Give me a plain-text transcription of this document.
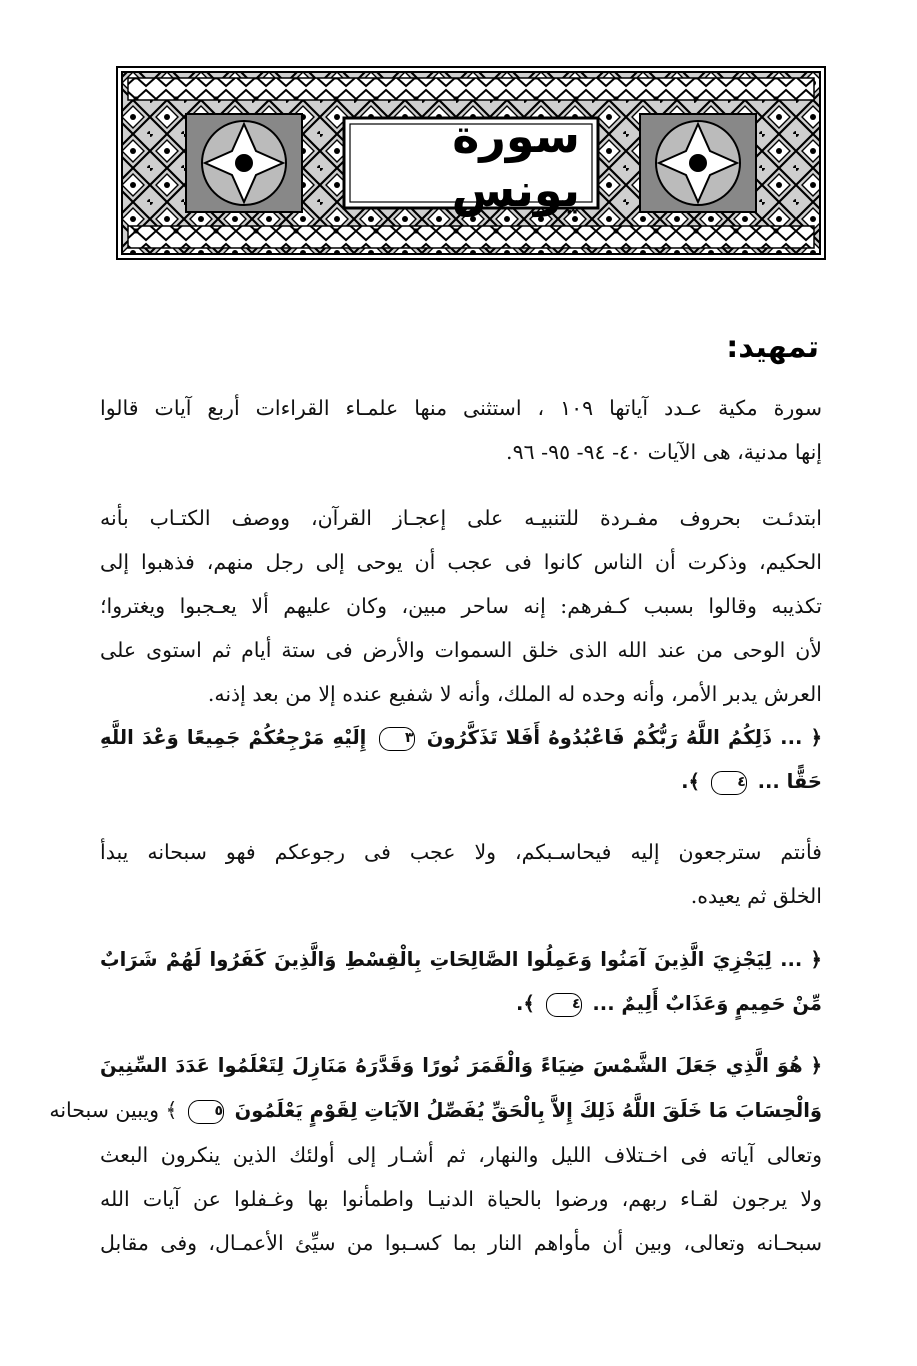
سورة يونس
تمهيد:
سورة مكية عـدد آياتها ١٠٩ ، استثنى منها علمـاء القراءات أربع آيات قالوا
إنها مدنية، هى الآيات ٤٠- ٩٤- ٩٥- ٩٦.
ابتدئـت بحروف مفـردة للتنبيـه على إعجـاز القرآن، ووصف الكتـاب بأنه
الحكيم، وذكرت أن الناس كانوا فى عجب أن يوحى إلى رجل منهم، فذهبوا إلى
تكذيبه وقالوا بسبب كـفرهم: إنه ساحر مبين، وكان عليهم ألا يعـجبوا ويغتروا؛
لأن الوحى من عند الله الذى خلق السموات والأرض فى ستة أيام ثم استوى على
العرش يدبر الأمر، وأنه وحده له الملك، وأنه لا شفيع عنده إلا من بعد إذنه.
﴿ ... ذَلِكُمُ اللَّهُ رَبُّكُمْ فَاعْبُدُوهُ أَفَلا تَذَكَّرُونَ ٣ إِلَيْهِ مَرْجِعُكُمْ جَمِيعًا وَعْدَ اللَّهِ
حَقًّا ... ٤ ﴾.
فأنتم سترجعون إليه فيحاسـبكم، ولا عجب فى رجوعكم فهو سبحانه يبدأ
الخلق ثم يعيده.
﴿ ... لِيَجْزِيَ الَّذِينَ آمَنُوا وَعَمِلُوا الصَّالِحَاتِ بِالْقِسْطِ وَالَّذِينَ كَفَرُوا لَهُمْ شَرَابٌ
مِّنْ حَمِيمٍ وَعَذَابٌ أَلِيمٌ ... ٤ ﴾.
﴿ هُوَ الَّذِي جَعَلَ الشَّمْسَ ضِيَاءً وَالْقَمَرَ نُورًا وَقَدَّرَهُ مَنَازِلَ لِتَعْلَمُوا عَدَدَ السِّنِينَ
وَالْحِسَابَ مَا خَلَقَ اللَّهُ ذَلِكَ إِلاَّ بِالْحَقِّ يُفَصِّلُ الآيَاتِ لِقَوْمٍ يَعْلَمُونَ ٥ ﴾ ويبين سبحانه
وتعالى آياته فى اخـتلاف الليل والنهار، ثم أشـار إلى أولئك الذين ينكرون البعث
ولا يرجون لقـاء ربهم، ورضوا بالحياة الدنيـا واطمأنوا بها وغـفلوا عن آيات الله
سبحـانه وتعالى، وبين أن مأواهم النار بما كسـبوا من سيِّئ الأعمـال، وفى مقابل
